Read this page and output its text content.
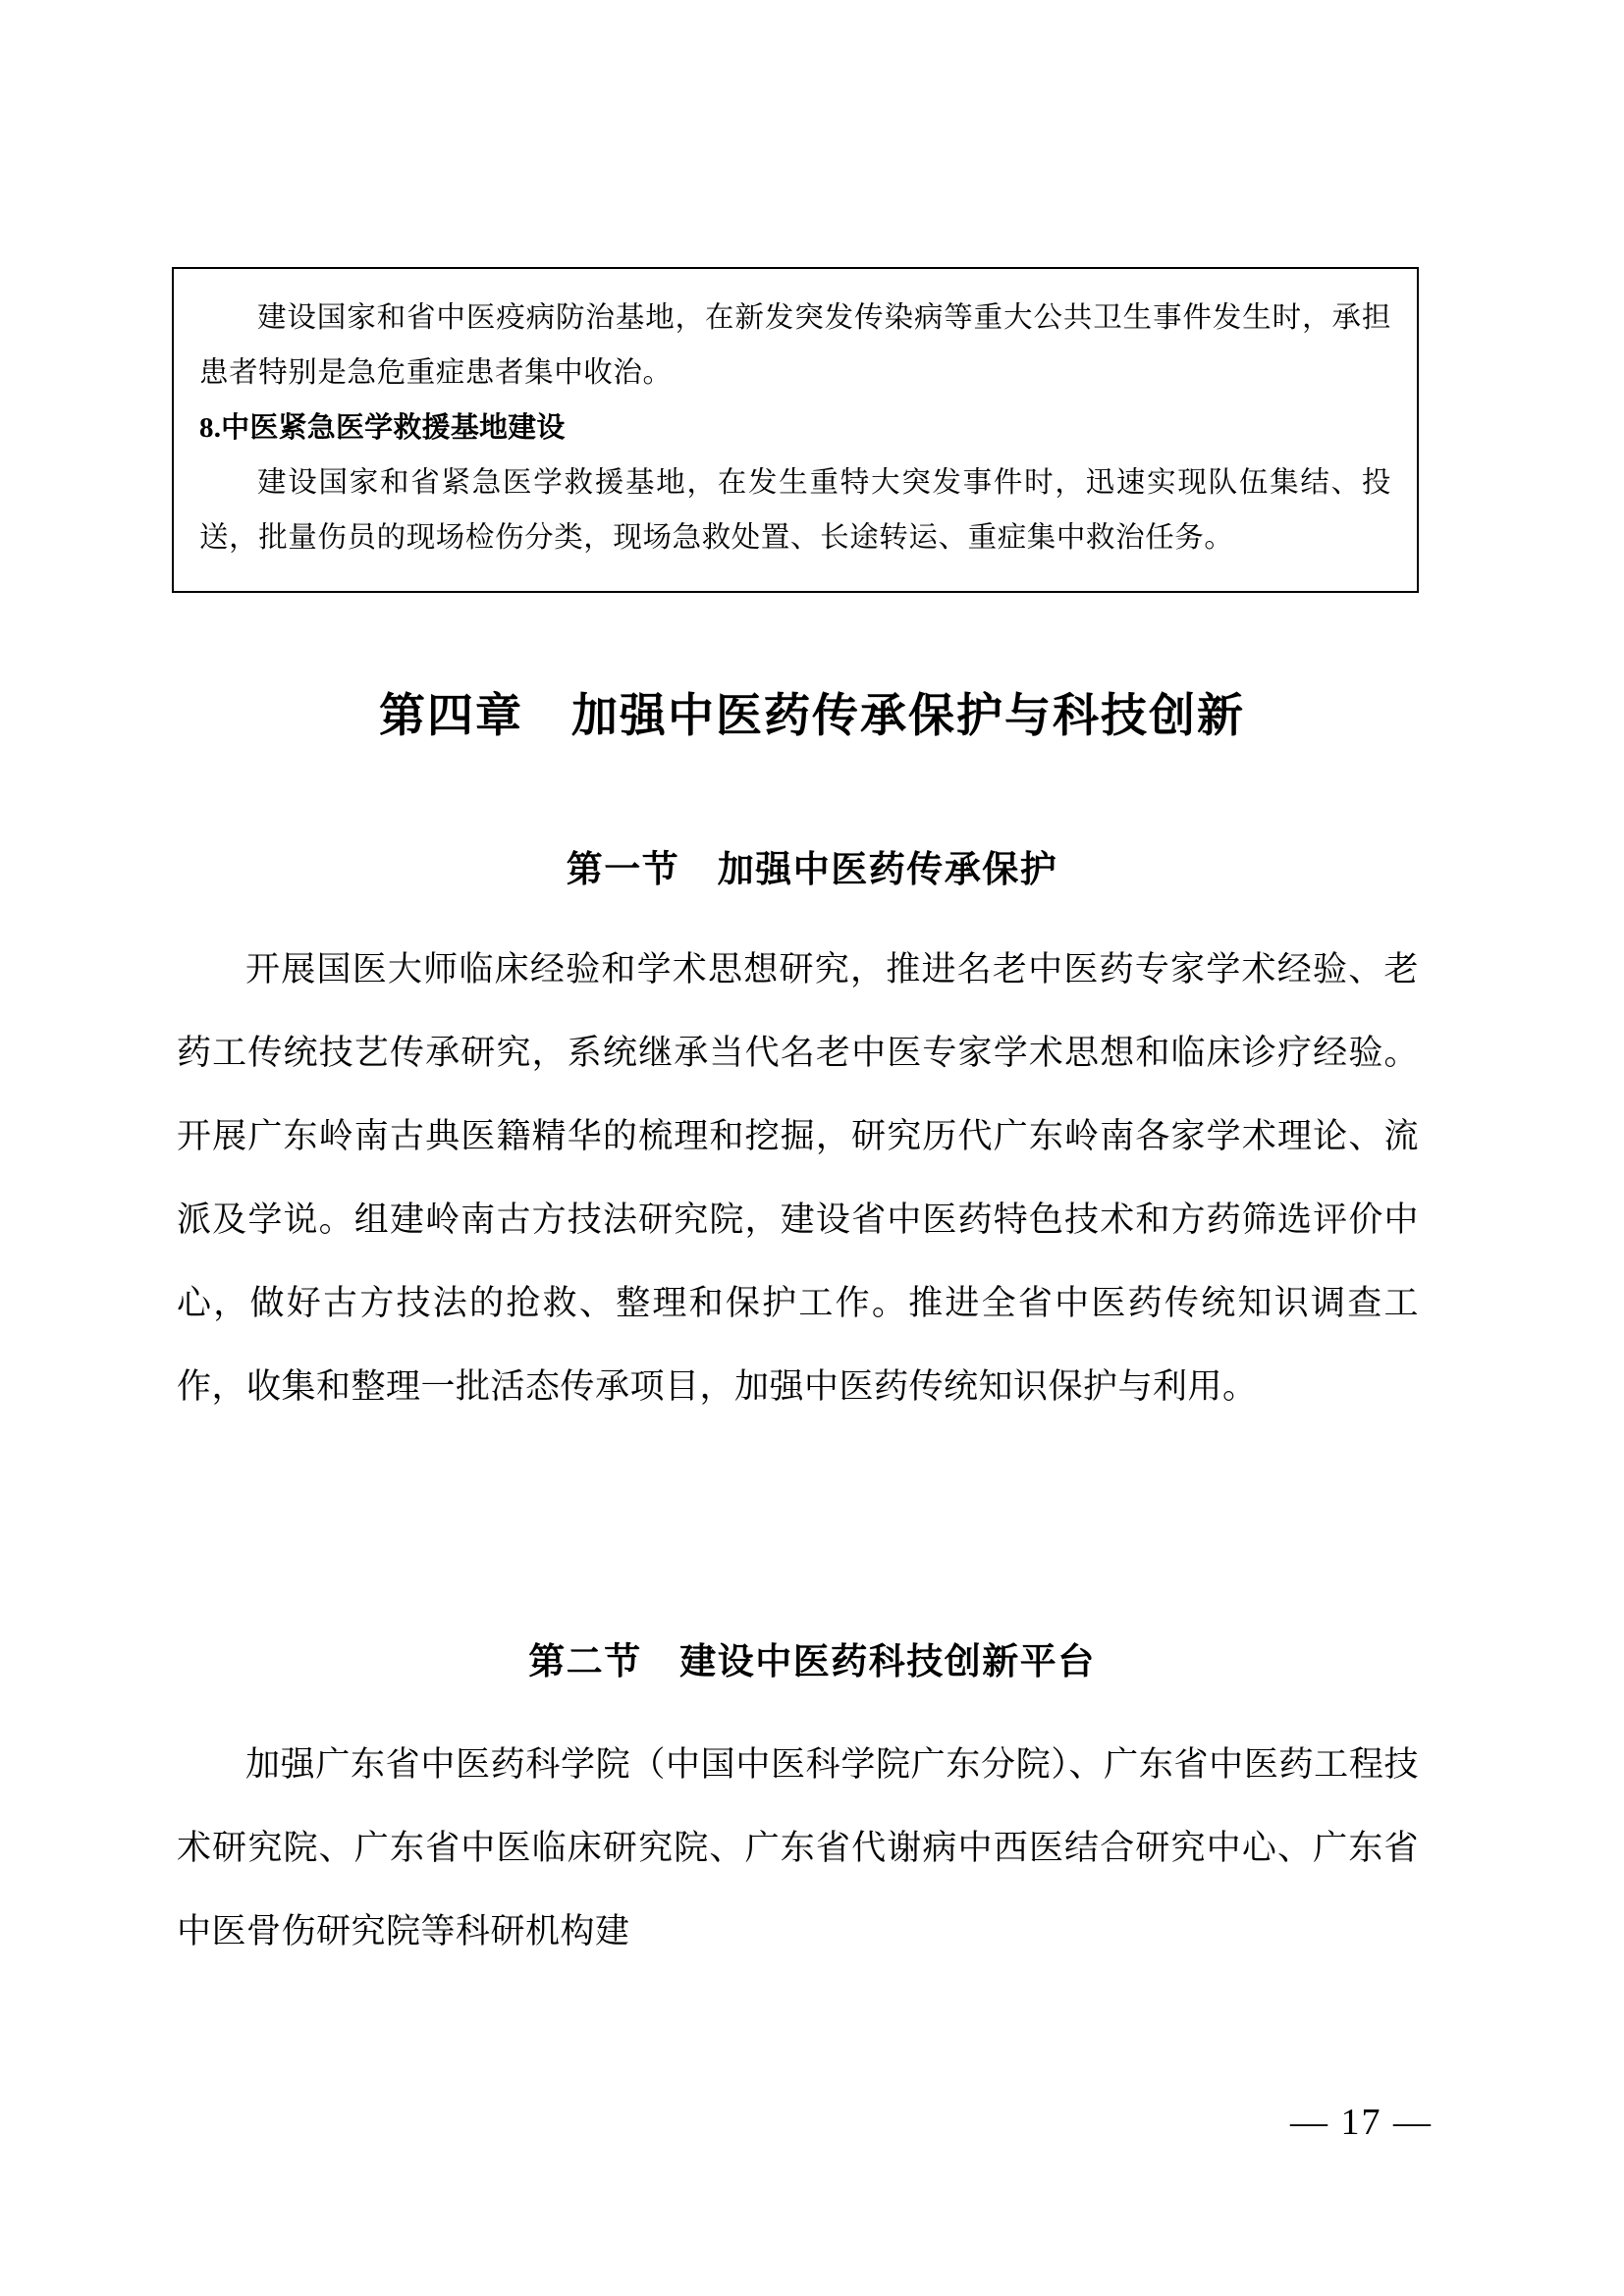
建设国家和省中医疫病防治基地，在新发突发传染病等重大公共卫生事件发生时，承担患者特别是急危重症患者集中收治。

8.中医紧急医学救援基地建设

建设国家和省紧急医学救援基地，在发生重特大突发事件时，迅速实现队伍集结、投送，批量伤员的现场检伤分类，现场急救处置、长途转运、重症集中救治任务。

第四章　加强中医药传承保护与科技创新
第一节　加强中医药传承保护
开展国医大师临床经验和学术思想研究，推进名老中医药专家学术经验、老药工传统技艺传承研究，系统继承当代名老中医专家学术思想和临床诊疗经验。开展广东岭南古典医籍精华的梳理和挖掘，研究历代广东岭南各家学术理论、流派及学说。组建岭南古方技法研究院，建设省中医药特色技术和方药筛选评价中心，做好古方技法的抢救、整理和保护工作。推进全省中医药传统知识调查工作，收集和整理一批活态传承项目，加强中医药传统知识保护与利用。
第二节　建设中医药科技创新平台
加强广东省中医药科学院（中国中医科学院广东分院）、广东省中医药工程技术研究院、广东省中医临床研究院、广东省代谢病中西医结合研究中心、广东省中医骨伤研究院等科研机构建
— 17 —
